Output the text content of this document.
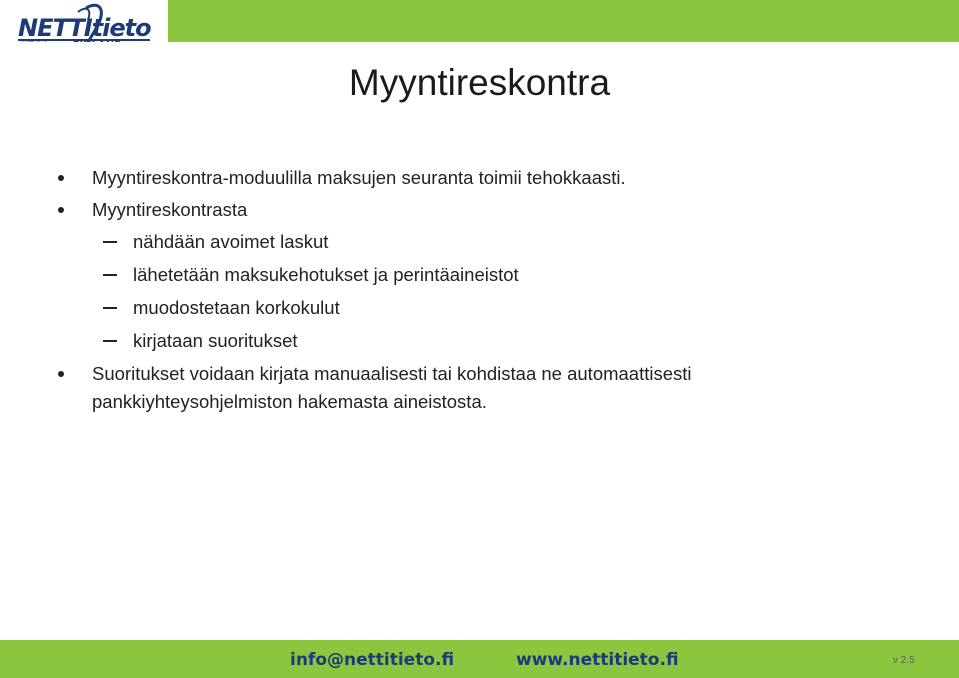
NETTItieto
Myyntireskontra
Myyntireskontra-moduulilla maksujen seuranta toimii tehokkaasti.
Myyntireskontrasta
nähdään avoimet laskut
lähetetään maksukehotukset ja perintäaineistot
muodostetaan korkokulut
kirjataan suoritukset
Suoritukset voidaan kirjata manuaalisesti tai kohdistaa ne automaattisesti
pankkiyhteysohjelmiston hakemasta aineistosta.
info@nettitieto.fi	www.nettitieto.fi	v 2.5
